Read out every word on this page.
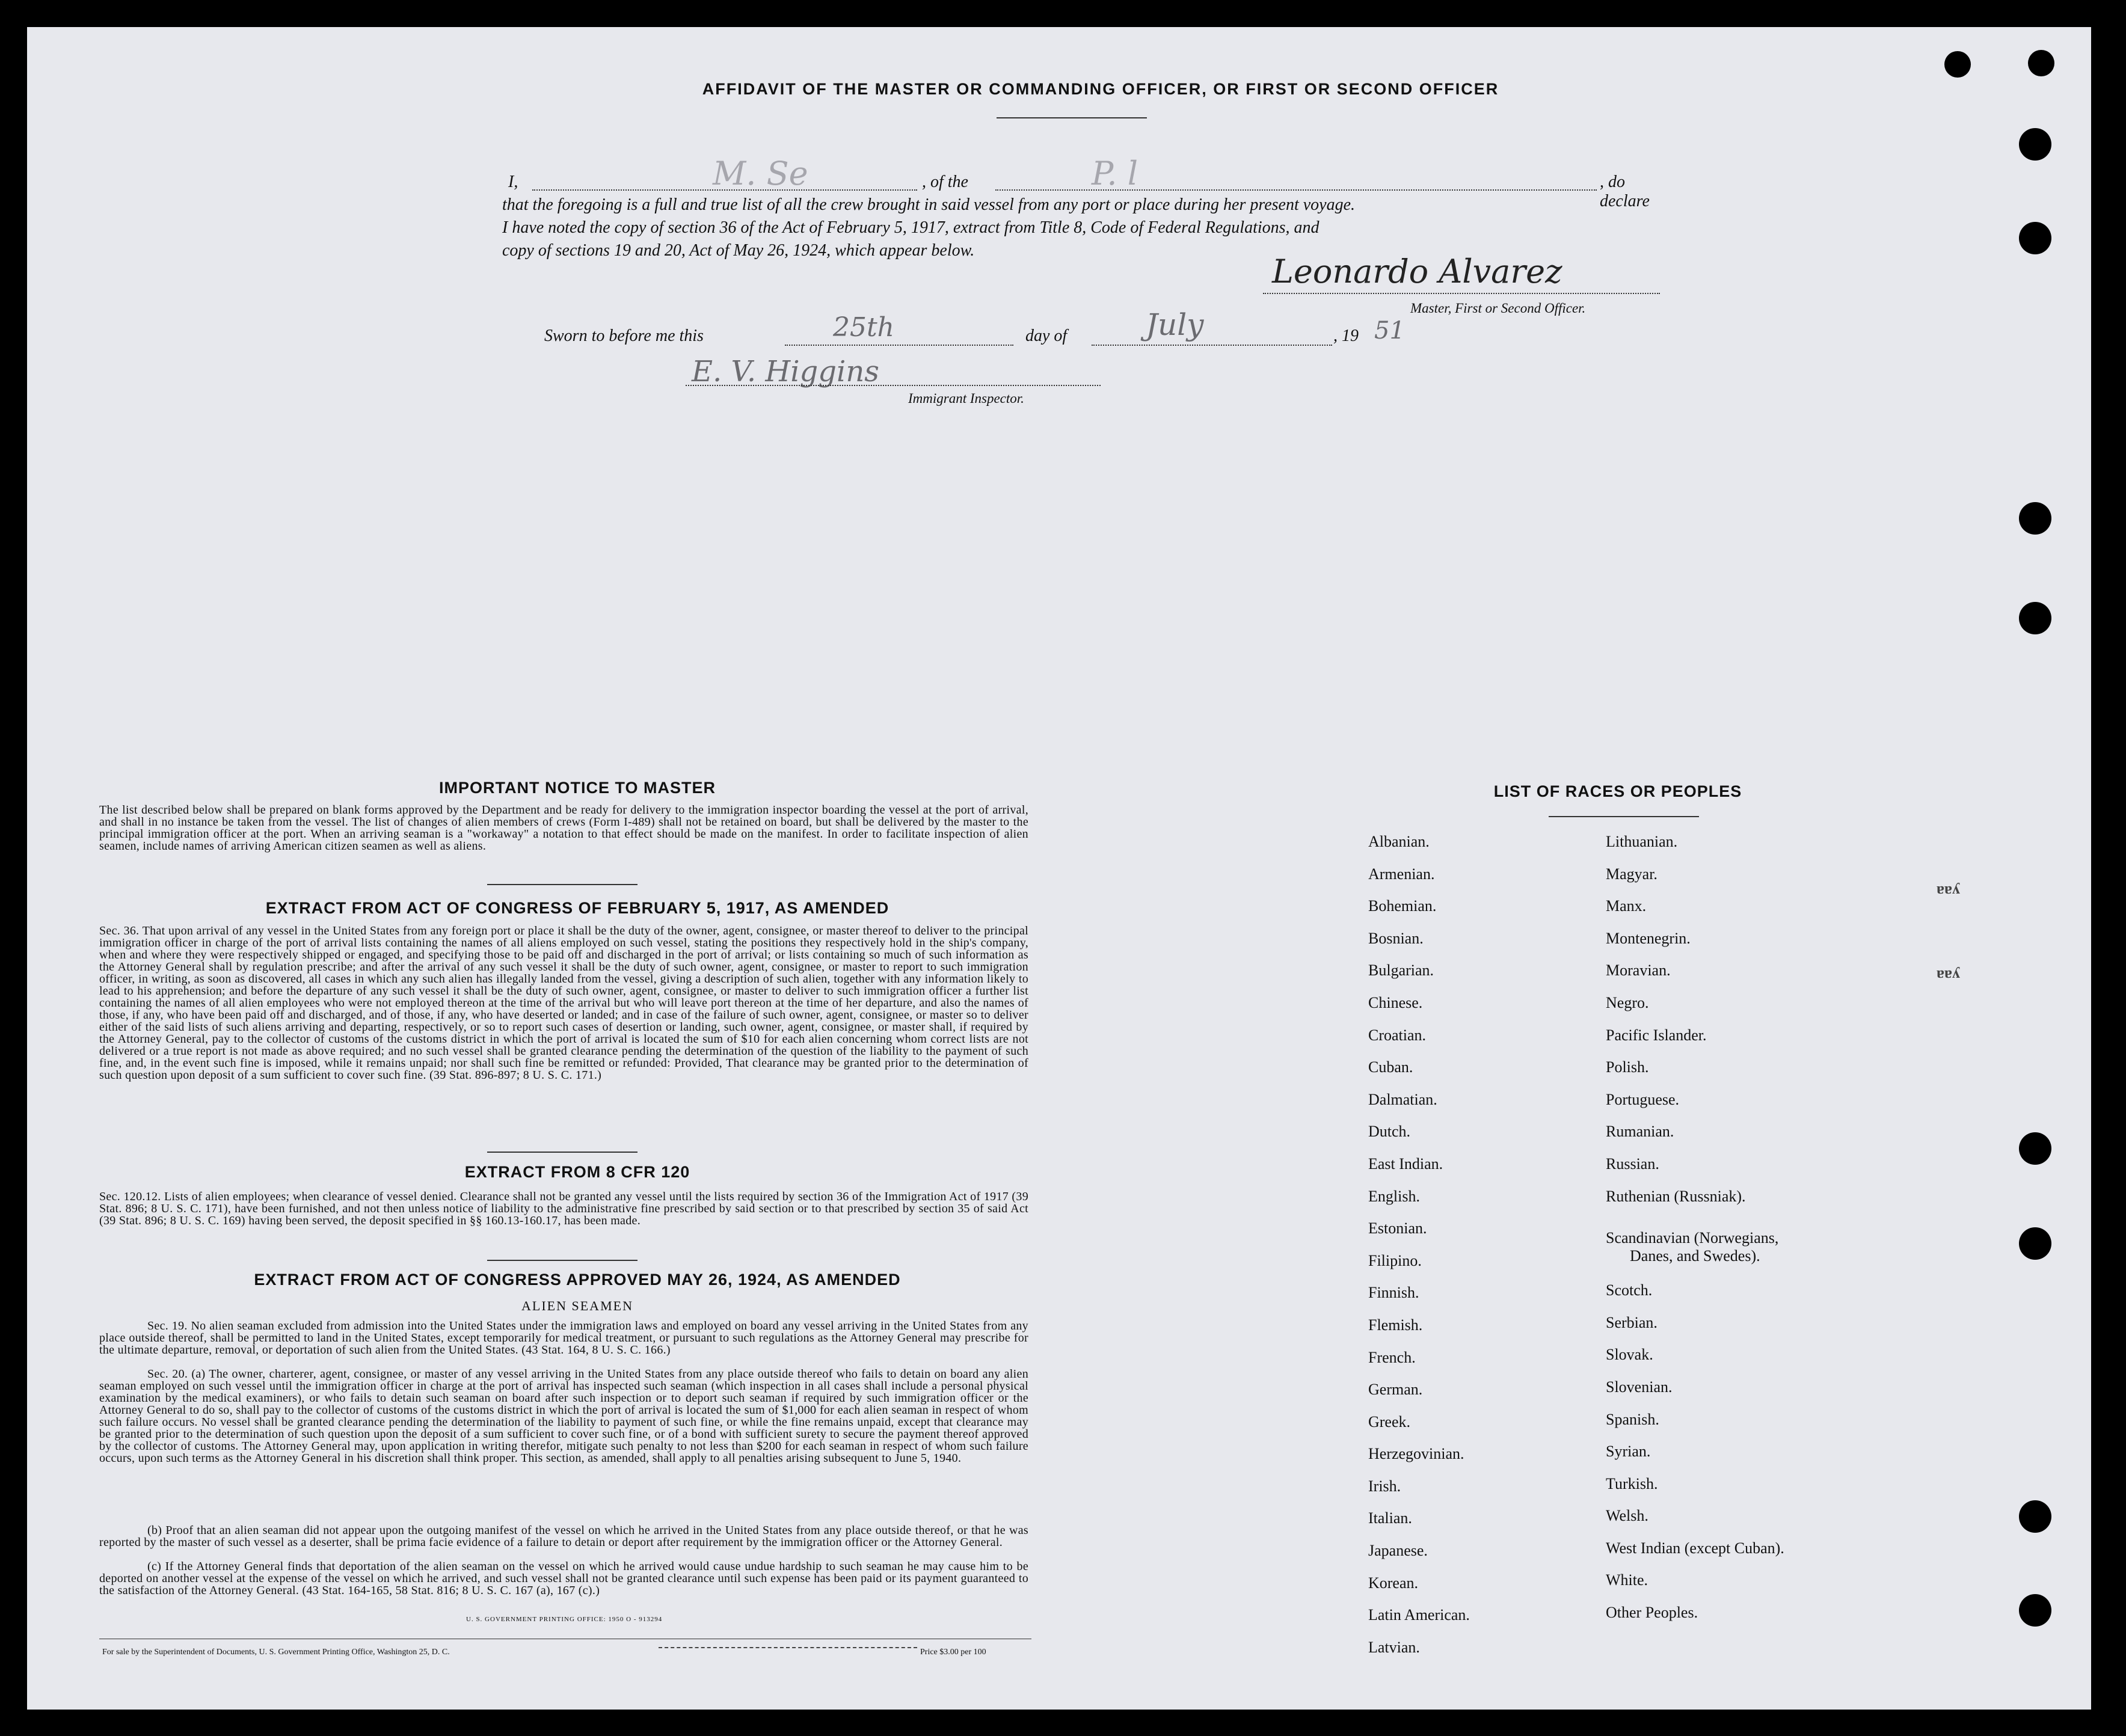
AFFIDAVIT OF THE MASTER OR COMMANDING OFFICER, OR FIRST OR SECOND OFFICER
I,	M. Se	, of the	P. l	, do declare
that the foregoing is a full and true list of all the crew brought in said vessel from any port or place during her present voyage.
I have noted the copy of section 36 of the Act of February 5, 1917, extract from Title 8, Code of Federal Regulations, and
copy of sections 19 and 20, Act of May 26, 1924, which appear below.
Leonardo Alvarez
Master, First or Second Officer.
Sworn to before me this	25th	day of	July	, 19 51
E. V. Higgins
Immigrant Inspector.
IMPORTANT NOTICE TO MASTER
The list described below shall be prepared on blank forms approved by the Department and be ready for delivery to the immigration inspector boarding the vessel at the port of arrival, and shall in no instance be taken from the vessel. The list of changes of alien members of crews (Form I-489) shall not be retained on board, but shall be delivered by the master to the principal immigration officer at the port. When an arriving seaman is a "workaway" a notation to that effect should be made on the manifest. In order to facilitate inspection of alien seamen, include names of arriving American citizen seamen as well as aliens.
EXTRACT FROM ACT OF CONGRESS OF FEBRUARY 5, 1917, AS AMENDED
Sec. 36. That upon arrival of any vessel in the United States from any foreign port or place it shall be the duty of the owner, agent, consignee, or master thereof to deliver to the principal immigration officer in charge of the port of arrival lists containing the names of all aliens employed on such vessel, stating the positions they respectively hold in the ship's company, when and where they were respectively shipped or engaged, and specifying those to be paid off and discharged in the port of arrival; or lists containing so much of such information as the Attorney General shall by regulation prescribe; and after the arrival of any such vessel it shall be the duty of such owner, agent, consignee, or master to report to such immigration officer, in writing, as soon as discovered, all cases in which any such alien has illegally landed from the vessel, giving a description of such alien, together with any information likely to lead to his apprehension; and before the departure of any such vessel it shall be the duty of such owner, agent, consignee, or master to deliver to such immigration officer a further list containing the names of all alien employees who were not employed thereon at the time of the arrival but who will leave port thereon at the time of her departure, and also the names of those, if any, who have been paid off and discharged, and of those, if any, who have deserted or landed; and in case of the failure of such owner, agent, consignee, or master so to deliver either of the said lists of such aliens arriving and departing, respectively, or so to report such cases of desertion or landing, such owner, agent, consignee, or master shall, if required by the Attorney General, pay to the collector of customs of the customs district in which the port of arrival is located the sum of $10 for each alien concerning whom correct lists are not delivered or a true report is not made as above required; and no such vessel shall be granted clearance pending the determination of the question of the liability to the payment of such fine, and, in the event such fine is imposed, while it remains unpaid; nor shall such fine be remitted or refunded: Provided, That clearance may be granted prior to the determination of such question upon deposit of a sum sufficient to cover such fine. (39 Stat. 896-897; 8 U. S. C. 171.)
EXTRACT FROM 8 CFR 120
Sec. 120.12. Lists of alien employees; when clearance of vessel denied. Clearance shall not be granted any vessel until the lists required by section 36 of the Immigration Act of 1917 (39 Stat. 896; 8 U. S. C. 171), have been furnished, and not then unless notice of liability to the administrative fine prescribed by said section or to that prescribed by section 35 of said Act (39 Stat. 896; 8 U. S. C. 169) having been served, the deposit specified in §§ 160.13-160.17, has been made.
EXTRACT FROM ACT OF CONGRESS APPROVED MAY 26, 1924, AS AMENDED
ALIEN SEAMEN
Sec. 19. No alien seaman excluded from admission into the United States under the immigration laws and employed on board any vessel arriving in the United States from any place outside thereof, shall be permitted to land in the United States, except temporarily for medical treatment, or pursuant to such regulations as the Attorney General may prescribe for the ultimate departure, removal, or deportation of such alien from the United States. (43 Stat. 164, 8 U. S. C. 166.)
Sec. 20. (a) The owner, charterer, agent, consignee, or master of any vessel arriving in the United States from any place outside thereof who fails to detain on board any alien seaman employed on such vessel until the immigration officer in charge at the port of arrival has inspected such seaman (which inspection in all cases shall include a personal physical examination by the medical examiners), or who fails to detain such seaman on board after such inspection or to deport such seaman if required by such immigration officer or the Attorney General to do so, shall pay to the collector of customs of the customs district in which the port of arrival is located the sum of $1,000 for each alien seaman in respect of whom such failure occurs. No vessel shall be granted clearance pending the determination of the liability to payment of such fine, or while the fine remains unpaid, except that clearance may be granted prior to the determination of such question upon the deposit of a sum sufficient to cover such fine, or of a bond with sufficient surety to secure the payment thereof approved by the collector of customs. The Attorney General may, upon application in writing therefor, mitigate such penalty to not less than $200 for each seaman in respect of whom such failure occurs, upon such terms as the Attorney General in his discretion shall think proper. This section, as amended, shall apply to all penalties arising subsequent to June 5, 1940.
(b) Proof that an alien seaman did not appear upon the outgoing manifest of the vessel on which he arrived in the United States from any place outside thereof, or that he was reported by the master of such vessel as a deserter, shall be prima facie evidence of a failure to detain or deport after requirement by the immigration officer or the Attorney General.
(c) If the Attorney General finds that deportation of the alien seaman on the vessel on which he arrived would cause undue hardship to such seaman he may cause him to be deported on another vessel at the expense of the vessel on which he arrived, and such vessel shall not be granted clearance until such expense has been paid or its payment guaranteed to the satisfaction of the Attorney General. (43 Stat. 164-165, 58 Stat. 816; 8 U. S. C. 167 (a), 167 (c).)
U. S. GOVERNMENT PRINTING OFFICE: 1950 O - 913294
For sale by the Superintendent of Documents, U. S. Government Printing Office, Washington 25, D. C.	Price $3.00 per 100
LIST OF RACES OR PEOPLES
Albanian.
Armenian.
Bohemian.
Bosnian.
Bulgarian.
Chinese.
Croatian.
Cuban.
Dalmatian.
Dutch.
East Indian.
English.
Estonian.
Filipino.
Finnish.
Flemish.
French.
German.
Greek.
Herzegovinian.
Irish.
Italian.
Japanese.
Korean.
Latin American.
Latvian.
Lithuanian.
Magyar.
Manx.
Montenegrin.
Moravian.
Negro.
Pacific Islander.
Polish.
Portuguese.
Rumanian.
Russian.
Ruthenian (Russniak).
Scandinavian (Norwegians,
Danes, and Swedes).
Scotch.
Serbian.
Slovak.
Slovenian.
Spanish.
Syrian.
Turkish.
Welsh.
West Indian (except Cuban).
White.
Other Peoples.
ɐɐʎ
ɐɐʎ
